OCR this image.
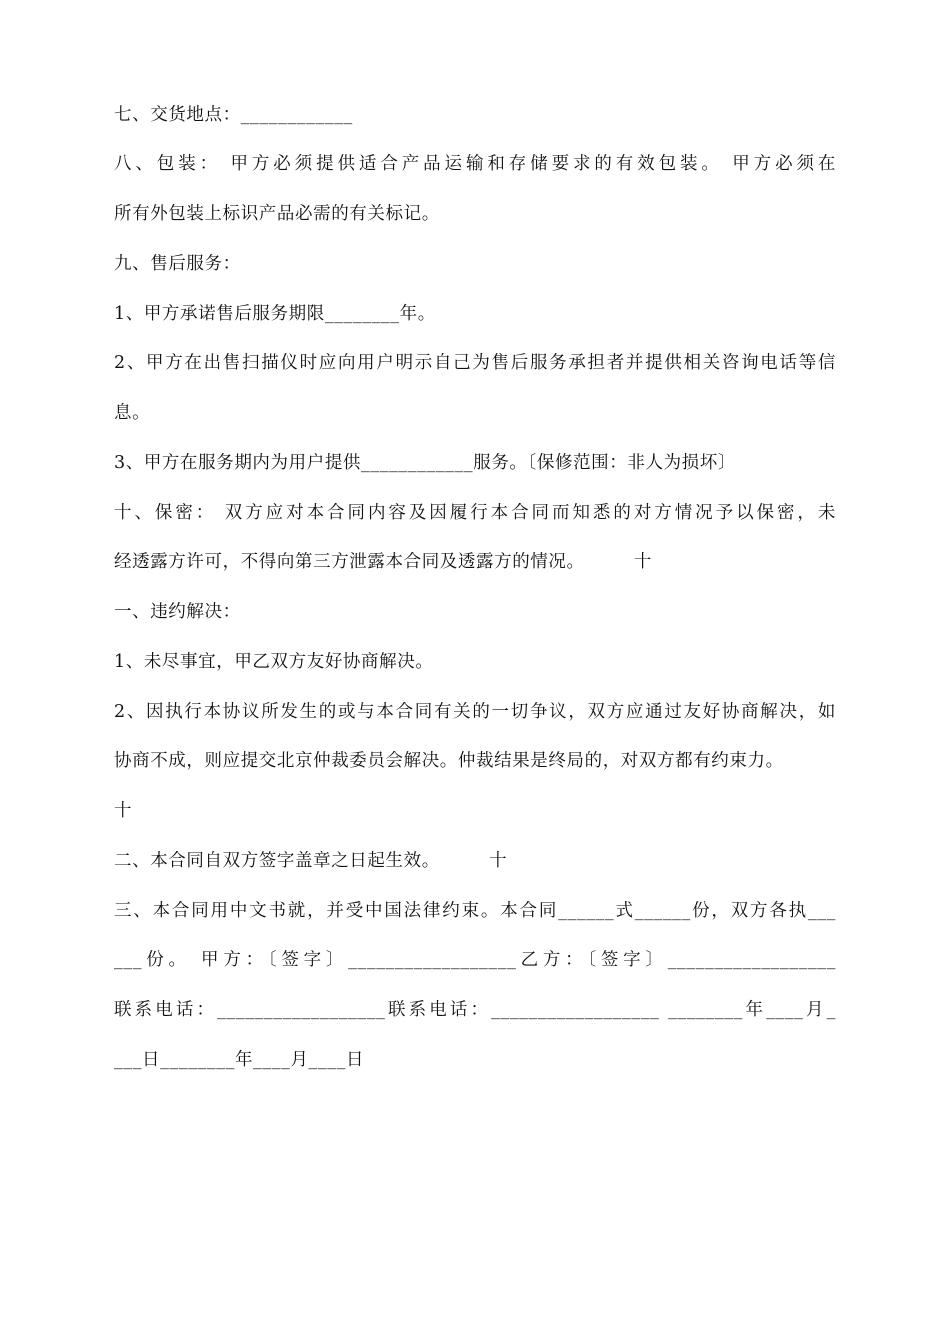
七、交货地点：____________
八、包装： 甲方必须提供适合产品运输和存储要求的有效包装。 甲方必须在
所有外包装上标识产品必需的有关标记。
九、售后服务：
1、甲方承诺售后服务期限________年。
2、甲方在出售扫描仪时应向用户明示自己为售后服务承担者并提供相关咨询电话等信
息。
3、甲方在服务期内为用户提供____________服务。〔保修范围：非人为损坏〕
十、保密： 双方应对本合同内容及因履行本合同而知悉的对方情况予以保密，未
经透露方许可，不得向第三方泄露本合同及透露方的情况。        十
一、违约解决：
1、未尽事宜，甲乙双方友好协商解决。
2、因执行本协议所发生的或与本合同有关的一切争议，双方应通过友好协商解决，如
协商不成，则应提交北京仲裁委员会解决。仲裁结果是终局的，对双方都有约束力。
十
二、本合同自双方签字盖章之日起生效。        十
三、本合同用中文书就，并受中国法律约束。本合同______式______份，双方各执___
___份。 甲方：〔签字〕__________________乙方：〔签字〕__________________
联系电话：__________________联系电话：__________________ ________年____月_
___日________年____月____日
